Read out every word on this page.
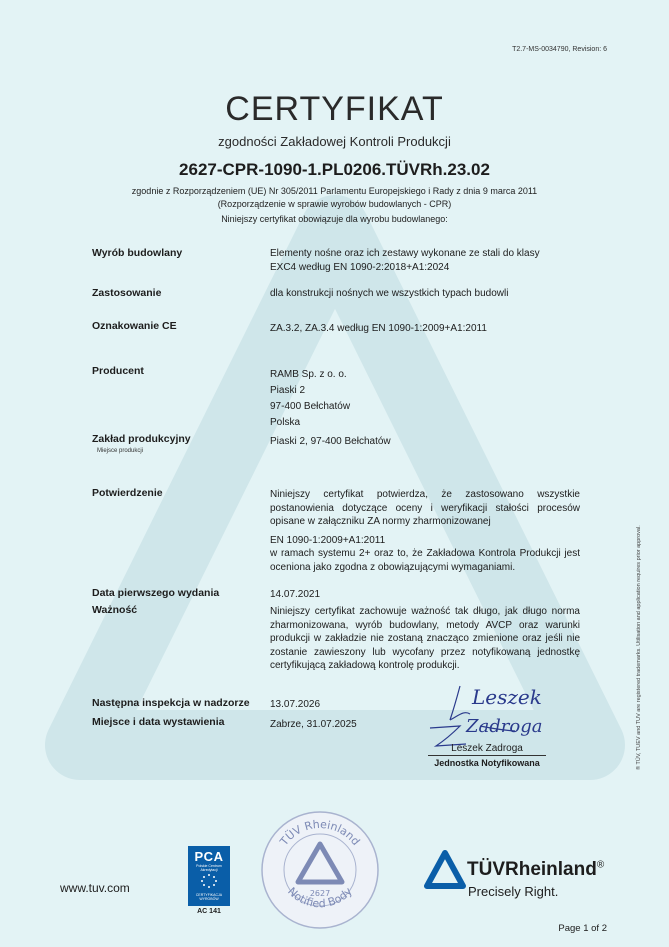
T2.7-MS-0034790, Revision: 6
CERTYFIKAT
zgodności Zakładowej Kontroli Produkcji
2627-CPR-1090-1.PL0206.TÜVRh.23.02
zgodnie z Rozporządzeniem (UE) Nr 305/2011 Parlamentu Europejskiego i Rady z dnia 9 marca 2011
(Rozporządzenie w sprawie wyrobów budowlanych - CPR)
Niniejszy certyfikat obowiązuje dla wyrobu budowlanego:
Wyrób budowlany	Elementy nośne oraz ich zestawy wykonane ze stali do klasy
EXC4 według EN 1090-2:2018+A1:2024
Zastosowanie	dla konstrukcji nośnych we wszystkich typach budowli
Oznakowanie CE	ZA.3.2, ZA.3.4 według EN 1090-1:2009+A1:2011
Producent	RAMB Sp. z o. o.
Piaski 2
97-400 Bełchatów
Polska
Zakład produkcyjny
Miejsce produkcji
Piaski 2, 97-400 Bełchatów
Potwierdzenie	Niniejszy certyfikat potwierdza, że zastosowano wszystkie postanowienia dotyczące oceny i weryfikacji stałości procesów opisane w załączniku ZA normy zharmonizowanej
EN 1090-1:2009+A1:2011
w ramach systemu 2+ oraz to, że Zakładowa Kontrola Produkcji jest oceniona jako zgodna z obowiązującymi wymaganiami.
Data pierwszego wydania	14.07.2021
Ważność	Niniejszy certyfikat zachowuje ważność tak długo, jak długo norma zharmonizowana, wyrób budowlany, metody AVCP oraz warunki produkcji w zakładzie nie zostaną znacząco zmienione oraz jeśli nie zostanie zawieszony lub wycofany przez notyfikowaną jednostkę certyfikującą zakładową kontrolę produkcji.
Następna inspekcja w nadzorze 13.07.2026
Miejsce i data wystawienia	Zabrze, 31.07.2025
Leszek
Zadroga
Leszek Zadroga
Jednostka Notyfikowana	® TÜV, TUEV and TUV are registered trademarks. Utilisation and application requires prior approval.
www.tuv.com
PCA
Polskie Centrum
Akredytacji
CERTYFIKACJA
WYROBÓW
AC 141
TÜV Rheinland
Notified Body
2627
TÜVRheinland®
Precisely Right.
Page 1 of 2
